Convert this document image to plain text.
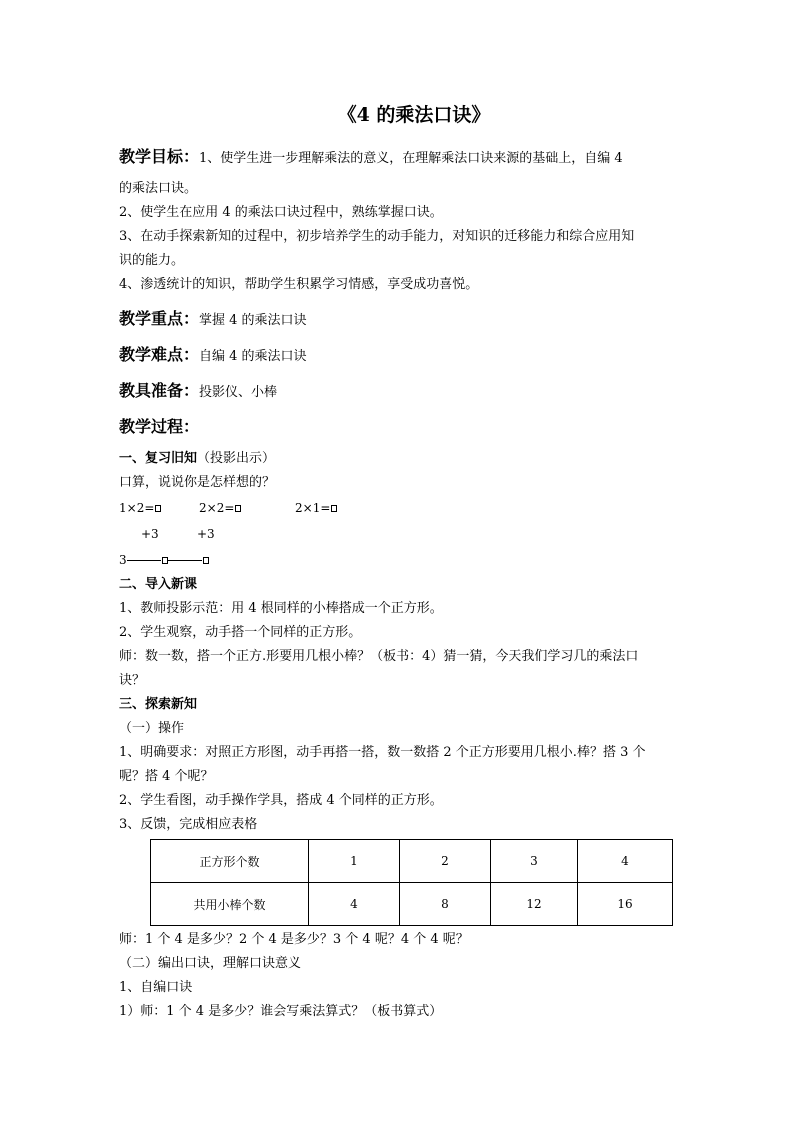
《4 的乘法口诀》

教学目标：1、使学生进一步理解乘法的意义，在理解乘法口诀来源的基础上，自编 4

的乘法口诀。

2、使学生在应用 4 的乘法口诀过程中，熟练掌握口诀。

3、在动手探索新知的过程中，初步培养学生的动手能力，对知识的迁移能力和综合应用知

识的能力。

4、渗透统计的知识，帮助学生积累学习情感，享受成功喜悦。

教学重点：掌握 4 的乘法口诀

教学难点：自编 4 的乘法口诀

教具准备：投影仪、小棒

教学过程：

一、复习旧知（投影出示）

口算，说说你是怎样想的？

1×2=

	2×2=

	2×1=

+3

	+3

3

二、导入新课

1、教师投影示范：用 4 根同样的小棒搭成一个正方形。

2、学生观察，动手搭一个同样的正方形。

师：数一数，搭一个正方.形要用几根小棒？（板书：4）猜一猜，今天我们学习几的乘法口

诀？

三、探索新知

（一）操作

1、明确要求：对照正方形图，动手再搭一搭，数一数搭 2 个正方形要用几根小.棒？搭 3 个

呢？搭 4 个呢？

2、学生看图，动手操作学具，搭成 4 个同样的正方形。

3、反馈，完成相应表格

正方形个数	1	2	3	4
共用小棒个数	4	8	12	16

师：1 个 4 是多少？2 个 4 是多少？3 个 4 呢？4 个 4 呢？

（二）编出口诀，理解口诀意义

1、自编口诀

1）师：1 个 4 是多少？谁会写乘法算式？（板书算式）
